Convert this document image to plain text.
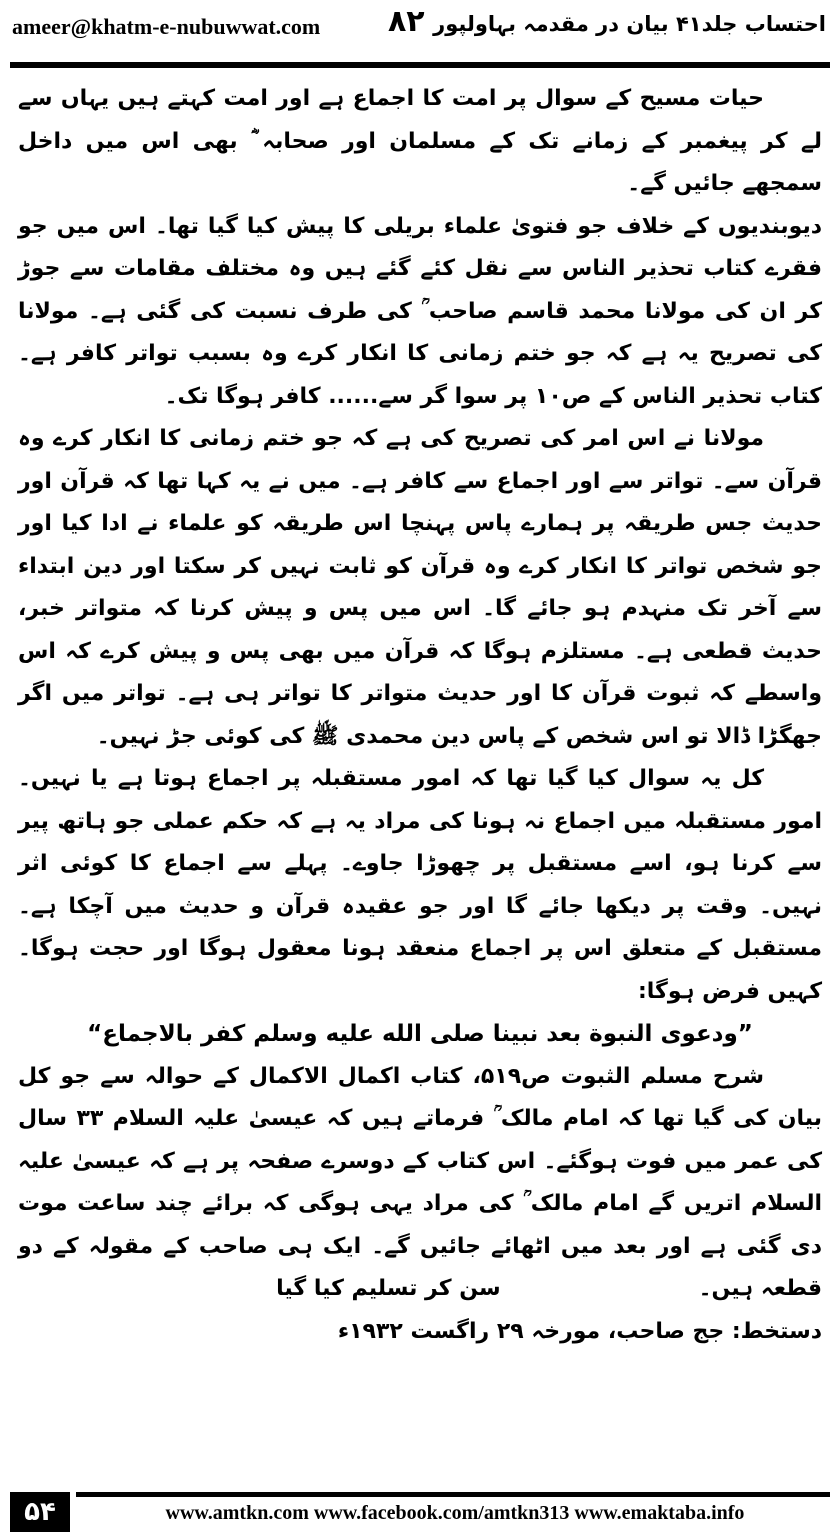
ameer@khatm-e-nubuwwat.com ۸۲ احتساب جلد۴۱ بیان در مقدمہ بہاولپور

حیات مسیح کے سوال پر امت کا اجماع ہے اور امت کہتے ہیں یہاں سے لے کر پیغمبر کے زمانے تک کے مسلمان اور صحابہ ؓ بھی اس میں داخل سمجھے جائیں گے۔

دیوبندیوں کے خلاف جو فتویٰ علماء بریلی کا پیش کیا گیا تھا۔ اس میں جو فقرے کتاب تحذیر الناس سے نقل کئے گئے ہیں وہ مختلف مقامات سے جوڑ کر ان کی مولانا محمد قاسم صاحب ؒ کی طرف نسبت کی گئی ہے۔ مولانا کی تصریح یہ ہے کہ جو ختم زمانی کا انکار کرے وہ بسبب تواتر کافر ہے۔ کتاب تحذیر الناس کے ص۱۰ پر سوا گر سے...... کافر ہوگا تک۔

مولانا نے اس امر کی تصریح کی ہے کہ جو ختم زمانی کا انکار کرے وہ قرآن سے۔ تواتر سے اور اجماع سے کافر ہے۔ میں نے یہ کہا تھا کہ قرآن اور حدیث جس طریقہ پر ہمارے پاس پہنچا اس طریقہ کو علماء نے ادا کیا اور جو شخص تواتر کا انکار کرے وہ قرآن کو ثابت نہیں کر سکتا اور دین ابتداء سے آخر تک منہدم ہو جائے گا۔ اس میں پس و پیش کرنا کہ متواتر خبر، حدیث قطعی ہے۔ مستلزم ہوگا کہ قرآن میں بھی پس و پیش کرے کہ اس واسطے کہ ثبوت قرآن کا اور حدیث متواتر کا تواتر ہی ہے۔ تواتر میں اگر جھگڑا ڈالا تو اس شخص کے پاس دین محمدی ﷺ کی کوئی جڑ نہیں۔

کل یہ سوال کیا گیا تھا کہ امور مستقبلہ پر اجماع ہوتا ہے یا نہیں۔ امور مستقبلہ میں اجماع نہ ہونا کی مراد یہ ہے کہ حکم عملی جو ہاتھ پیر سے کرنا ہو، اسے مستقبل پر چھوڑا جاوے۔ پہلے سے اجماع کا کوئی اثر نہیں۔ وقت پر دیکھا جائے گا اور جو عقیدہ قرآن و حدیث میں آچکا ہے۔ مستقبل کے متعلق اس پر اجماع منعقد ہونا معقول ہوگا اور حجت ہوگا۔ کہیں فرض ہوگا:

”ودعوی النبوة بعد نبینا صلی الله علیه وسلم کفر بالاجماع“

شرح مسلم الثبوت ص۵۱۹، کتاب اکمال الاکمال کے حوالہ سے جو کل بیان کی گیا تھا کہ امام مالک ؒ فرماتے ہیں کہ عیسیٰ علیہ السلام ۳۳ سال کی عمر میں فوت ہوگئے۔ اس کتاب کے دوسرے صفحہ پر ہے کہ عیسیٰ علیہ السلام اتریں گے امام مالک ؒ کی مراد یہی ہوگی کہ برائے چند ساعت موت دی گئی ہے اور بعد میں اٹھائے جائیں گے۔ ایک ہی صاحب کے مقولہ کے دو قطعہ ہیں۔سن کر تسلیم کیا گیا

دستخط: جج صاحب، مورخہ ۲۹ راگست ۱۹۳۲ء

۵۴	www.amtkn.com www.facebook.com/amtkn313 www.emaktaba.info
